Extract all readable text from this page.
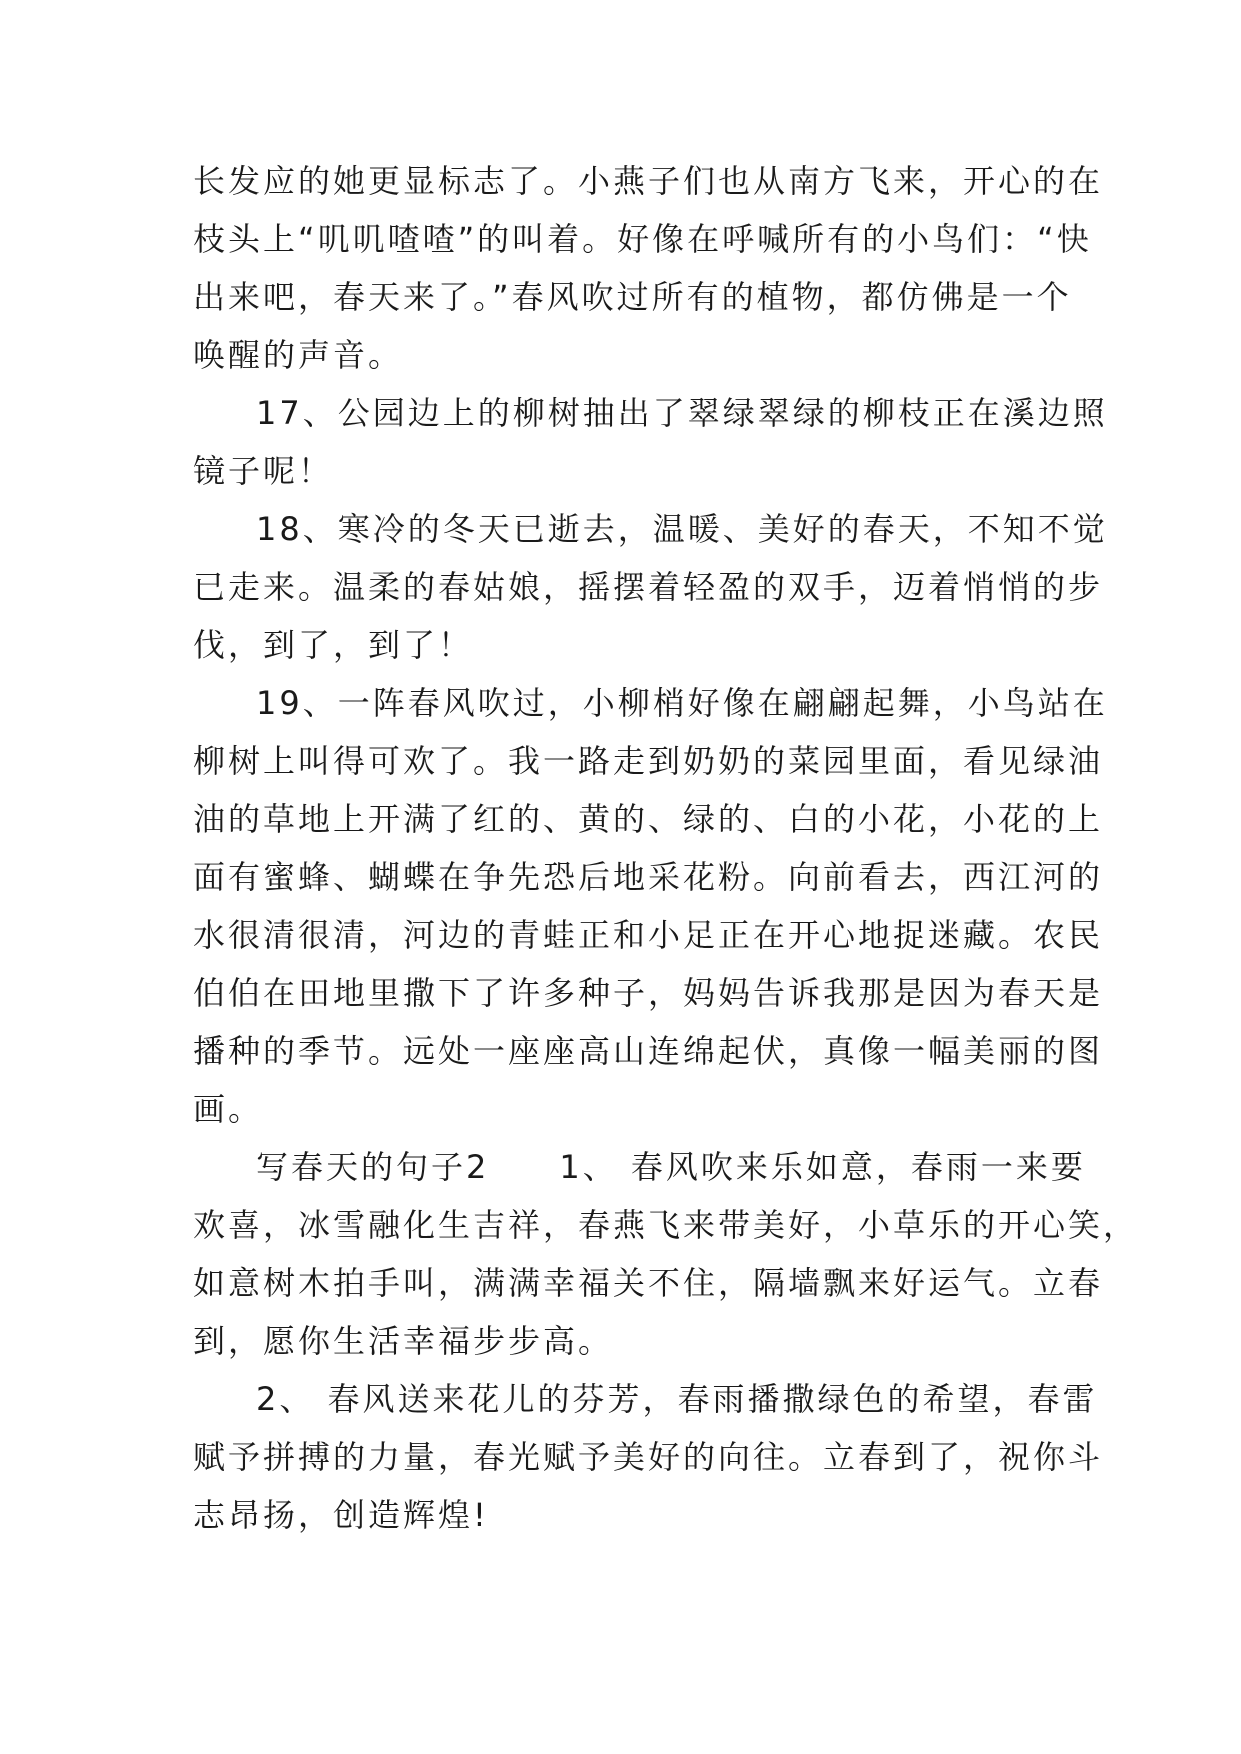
长发应的她更显标志了。小燕子们也从南方飞来，开心的在
枝头上“叽叽喳喳”的叫着。好像在呼喊所有的小鸟们：“快
出来吧，春天来了。”春风吹过所有的植物，都仿佛是一个
唤醒的声音。
17、公园边上的柳树抽出了翠绿翠绿的柳枝正在溪边照
镜子呢！
18、寒冷的冬天已逝去，温暖、美好的春天，不知不觉
已走来。温柔的春姑娘，摇摆着轻盈的双手，迈着悄悄的步
伐，到了，到了！
19、一阵春风吹过，小柳梢好像在翩翩起舞，小鸟站在
柳树上叫得可欢了。我一路走到奶奶的菜园里面，看见绿油
油的草地上开满了红的、黄的、绿的、白的小花，小花的上
面有蜜蜂、蝴蝶在争先恐后地采花粉。向前看去，西江河的
水很清很清，河边的青蛙正和小足正在开心地捉迷藏。农民
伯伯在田地里撒下了许多种子，妈妈告诉我那是因为春天是
播种的季节。远处一座座高山连绵起伏，真像一幅美丽的图
画。
写春天的句子2　　1、 春风吹来乐如意，春雨一来要
欢喜，冰雪融化生吉祥，春燕飞来带美好，小草乐的开心笑，
如意树木拍手叫，满满幸福关不住，隔墙飘来好运气。立春
到，愿你生活幸福步步高。
2、 春风送来花儿的芬芳，春雨播撒绿色的希望，春雷
赋予拼搏的力量，春光赋予美好的向往。立春到了，祝你斗
志昂扬，创造辉煌!
